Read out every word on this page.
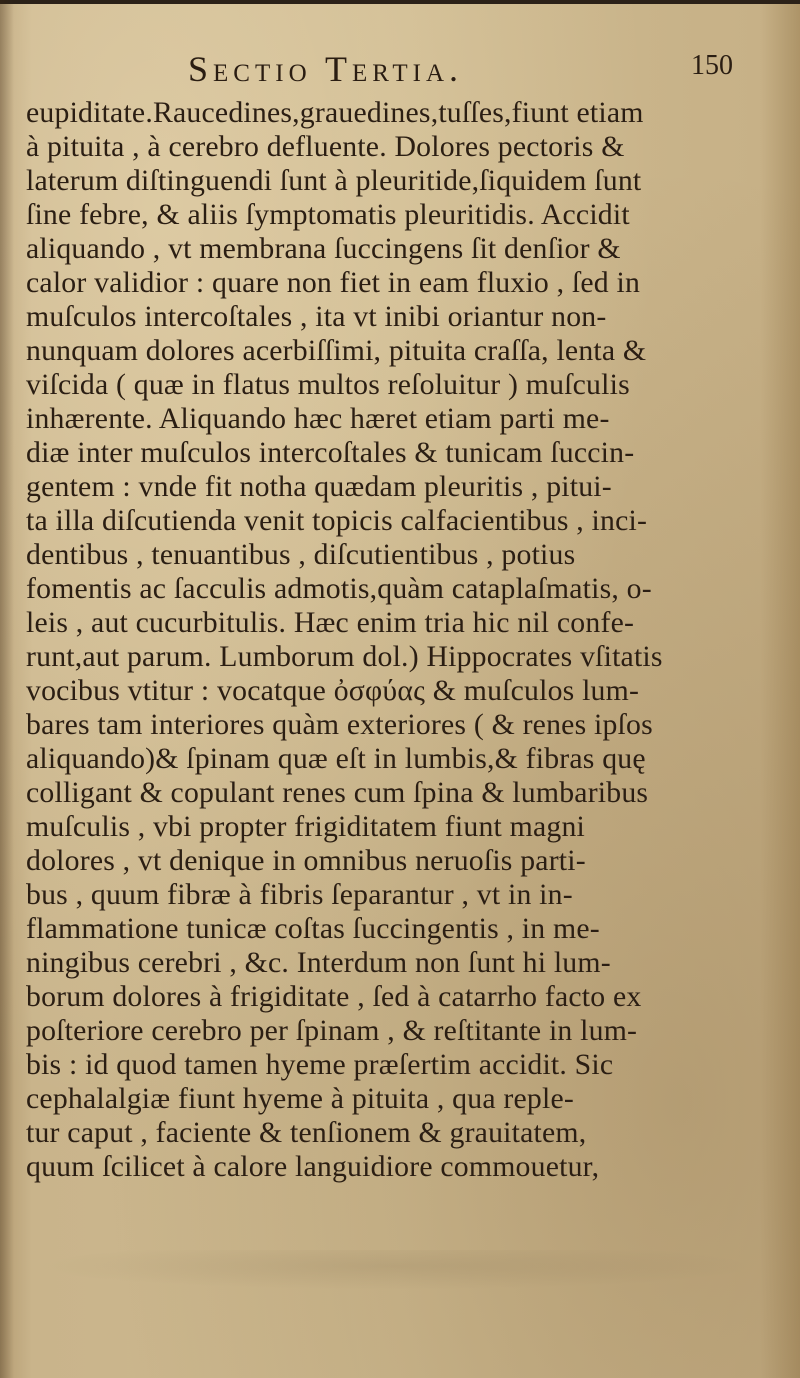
Sectio Tertia.	150
eupiditate.Raucedines,grauedines,tuſſes,fiunt etiam
à pituita , à cerebro defluente. Dolores pectoris &
laterum diſtinguendi ſunt à pleuritide,ſiquidem ſunt
ſine febre, & aliis ſymptomatis pleuritidis. Accidit
aliquando , vt membrana ſuccingens ſit denſior &
calor validior : quare non fiet in eam fluxio , ſed in
muſculos intercoſtales , ita vt inibi oriantur non-
nunquam dolores acerbiſſimi, pituita craſſa, lenta &
viſcida ( quæ in flatus multos reſoluitur ) muſculis
inhærente. Aliquando hæc hæret etiam parti me-
diæ inter muſculos intercoſtales & tunicam ſuccin-
gentem : vnde fit notha quædam pleuritis , pitui-
ta illa diſcutienda venit topicis calfacientibus , inci-
dentibus , tenuantibus , diſcutientibus , potius
fomentis ac ſacculis admotis,quàm cataplaſmatis, o-
leis , aut cucurbitulis. Hæc enim tria hic nil confe-
runt,aut parum. Lumborum dol.) Hippocrates vſitatis
vocibus vtitur : vocatque ὀσφύας & muſculos lum-
bares tam interiores quàm exteriores ( & renes ipſos
aliquando)& ſpinam quæ eſt in lumbis,& fibras quę
colligant & copulant renes cum ſpina & lumbaribus
muſculis , vbi propter frigiditatem fiunt magni
dolores , vt denique in omnibus neruoſis parti-
bus , quum fibræ à fibris ſeparantur , vt in in-
flammatione tunicæ coſtas ſuccingentis , in me-
ningibus cerebri , &c. Interdum non ſunt hi lum-
borum dolores à frigiditate , ſed à catarrho facto ex
poſteriore cerebro per ſpinam , & reſtitante in lum-
bis : id quod tamen hyeme præſertim accidit. Sic
cephalalgiæ fiunt hyeme à pituita , qua reple-
tur caput , faciente & tenſionem & grauitatem,
quum ſcilicet à calore languidiore commouetur,
